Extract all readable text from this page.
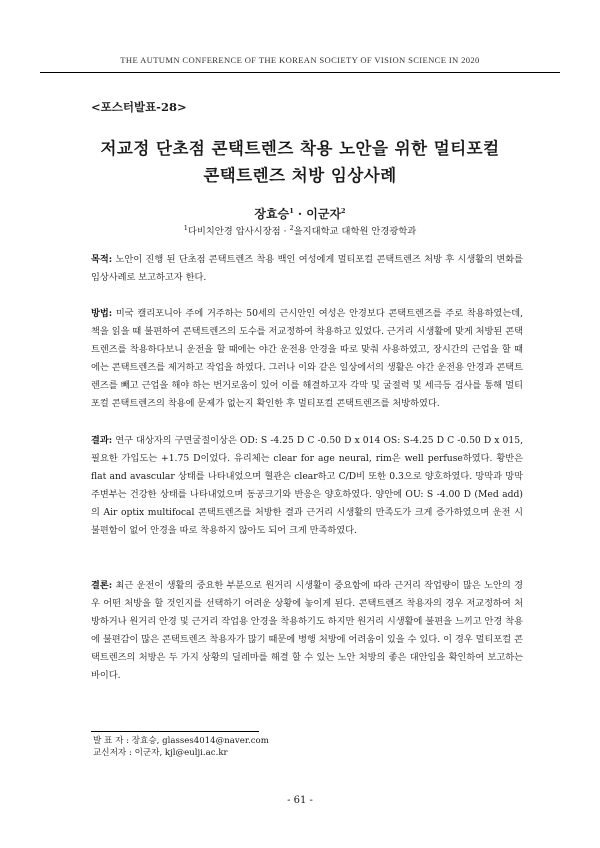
THE AUTUMN CONFERENCE OF THE KOREAN SOCIETY OF VISION SCIENCE IN 2020
<포스터발표-28>
저교정 단초점 콘택트렌즈 착용 노안을 위한 멀티포컬
콘택트렌즈 처방 임상사례
장효승$^1$ · 이군자$^2$
$^1$다비치안경 압사시장점 · $^2$을지대학교 대학원 안경광학과
목적: 노안이 진행 된 단초점 콘택트렌즈 착용 백인 여성에게 멀티포컬 콘택트렌즈 처방 후 시생활의 변화를 임상사례로 보고하고자 한다.
방법: 미국 캘리포니아 주에 거주하는 50세의 근시안인 여성은 안경보다 콘택트렌즈를 주로 착용하였는데, 책을 읽을 때 불편하여 콘택트렌즈의 도수를 저교정하여 착용하고 있었다. 근거리 시생활에 맞게 처방된 콘택트렌즈를 착용하다보니 운전을 할 때에는 야간 운전용 안경을 따로 맞춰 사용하였고, 장시간의 근업을 할 때에는 콘택트렌즈를 제거하고 작업을 하였다. 그러나 이와 같은 일상에서의 생활은 야간 운전용 안경과 콘택트렌즈를 빼고 근업을 해야 하는 번거로움이 있어 이를 해결하고자 각막 및 굴절력 및 세극등 검사를 통해 멀티포컬 콘택트렌즈의 착용에 문제가 없는지 확인한 후 멀티포컬 콘택트렌즈를 처방하였다.
결과: 연구 대상자의 구면굴절이상은 OD: S -4.25 D C -0.50 D x 014 OS: S-4.25 D C -0.50 D x 015, 필요한 가입도는 +1.75 D이었다. 유리체는 clear for age neural, rim은 well perfuse하였다. 황반은 flat and avascular 상태를 나타내었으며 혈관은 clear하고 C/D비 또한 0.3으로 양호하였다. 망막과 망막주변부는 건강한 상태를 나타내었으며 동공크기와 반응은 양호하였다. 양안에 OU: S -4.00 D (Med add)의 Air optix multifocal 콘택트렌즈를 처방한 결과 근거리 시생활의 만족도가 크게 증가하였으며 운전 시 불편함이 없어 안경을 따로 착용하지 않아도 되어 크게 만족하였다.
결론: 최근 운전이 생활의 중요한 부분으로 원거리 시생활이 중요함에 따라 근거리 작업량이 많은 노안의 경우 어떤 처방을 할 것인지를 선택하기 어려운 상황에 놓이게 된다. 콘택트렌즈 착용자의 경우 저교정하여 처방하거나 원거리 안경 및 근거리 작업용 안경을 착용하기도 하지만 원거리 시생활에 불편을 느끼고 안경 착용에 불편감이 많은 콘택트렌즈 착용자가 많기 때문에 병행 처방에 어려움이 있을 수 있다. 이 경우 멀티포컬 콘택트렌즈의 처방은 두 가지 상황의 딜레마를 해결 할 수 있는 노안 처방의 좋은 대안임을 확인하여 보고하는 바이다.
발 표 자 : 장효승, glasses4014@naver.com
교신저자 : 이군자, kjl@eulji.ac.kr
- 61 -
